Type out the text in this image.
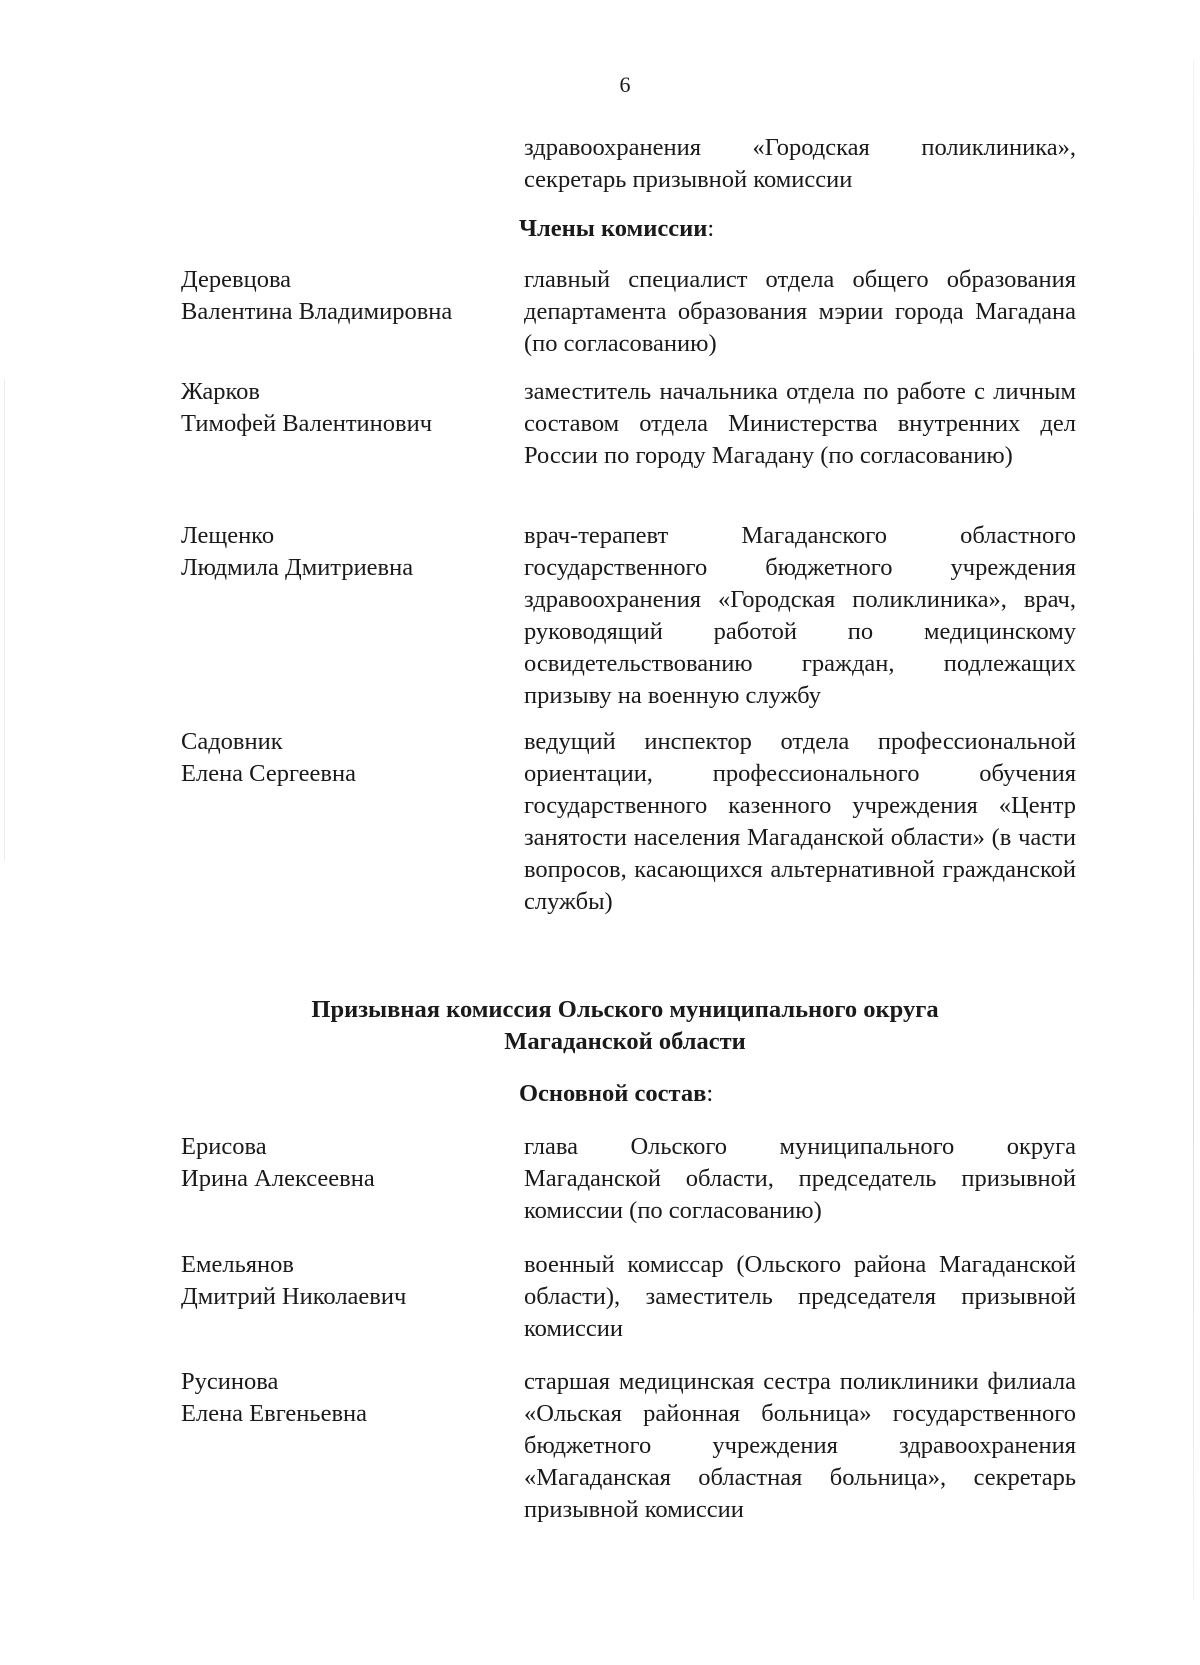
6
здравоохранения «Городская поликлиника», секретарь призывной комиссии
Члены комиссии:
Деревцова
Валентина Владимировна
главный специалист отдела общего образования департамента образования мэрии города Магадана (по согласованию)
Жарков
Тимофей Валентинович
заместитель начальника отдела по работе с личным составом отдела Министерства внутренних дел России по городу Магадану (по согласованию)
Лещенко
Людмила Дмитриевна
врач-терапевт Магаданского областного государственного бюджетного учреждения здравоохранения «Городская поликлиника», врач, руководящий работой по медицинскому освидетельствованию граждан, подлежащих призыву на военную службу
Садовник
Елена Сергеевна
ведущий инспектор отдела профессиональной ориентации, профессионального обучения государственного казенного учреждения «Центр занятости населения Магаданской области» (в части вопросов, касающихся альтернативной гражданской службы)
Призывная комиссия Ольского муниципального округа
Магаданской области
Основной состав:
Ерисова
Ирина Алексеевна
глава Ольского муниципального округа Магаданской области, председатель призывной комиссии (по согласованию)
Емельянов
Дмитрий Николаевич
военный комиссар (Ольского района Магаданской области), заместитель председателя призывной комиссии
Русинова
Елена Евгеньевна
старшая медицинская сестра поликлиники филиала «Ольская районная больница» государственного бюджетного учреждения здравоохранения «Магаданская областная больница», секретарь призывной комиссии
